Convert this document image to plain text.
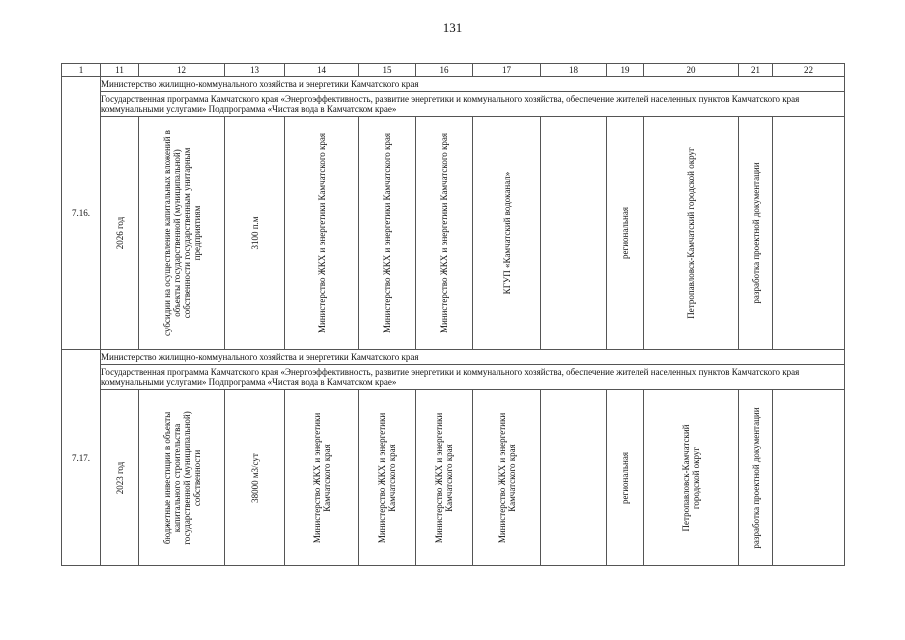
131
1	11	12	13	14	15	16	17	18	19	20	21	22
7.16.	Министерство жилищно-коммунального хозяйства и энергетики Камчатского края											
	Государственная программа Камчатского края «Энергоэффективность, развитие энергетики и коммунального хозяйства, обеспечение жителей населенных пунктов Камчатского края коммунальными услугами» Подпрограмма «Чистая вода в Камчатском крае»											

	2026 год	субсидии на осуществление капитальных вложений в объекты государственной (муниципальной) собственности государственным унитарным предприятиям	3100 п.м	Министерство ЖКХ и энергетики Камчатского края	Министерство ЖКХ и энергетики Камчатского края	Министерство ЖКХ и энергетики Камчатского края	КГУП «Камчатский водоканал»		региональная	Петропавловск-Камчатский городской округ	разработка проектной документации	

7.17.	Министерство жилищно-коммунального хозяйства и энергетики Камчатского края											
	Государственная программа Камчатского края «Энергоэффективность, развитие энергетики и коммунального хозяйства, обеспечение жителей населенных пунктов Камчатского края коммунальными услугами» Подпрограмма «Чистая вода в Камчатском крае»											

	2023 год	бюджетные инвестиции в объекты капитального строительства государственной (муниципальной) собственности	38000 м3/сут	Министерство ЖКХ и энергетики Камчатского края	Министерство ЖКХ и энергетики Камчатского края	Министерство ЖКХ и энергетики Камчатского края	Министерство ЖКХ и энергетики Камчатского края		региональная	Петропавловск-Камчатский городской округ	разработка проектной документации	
